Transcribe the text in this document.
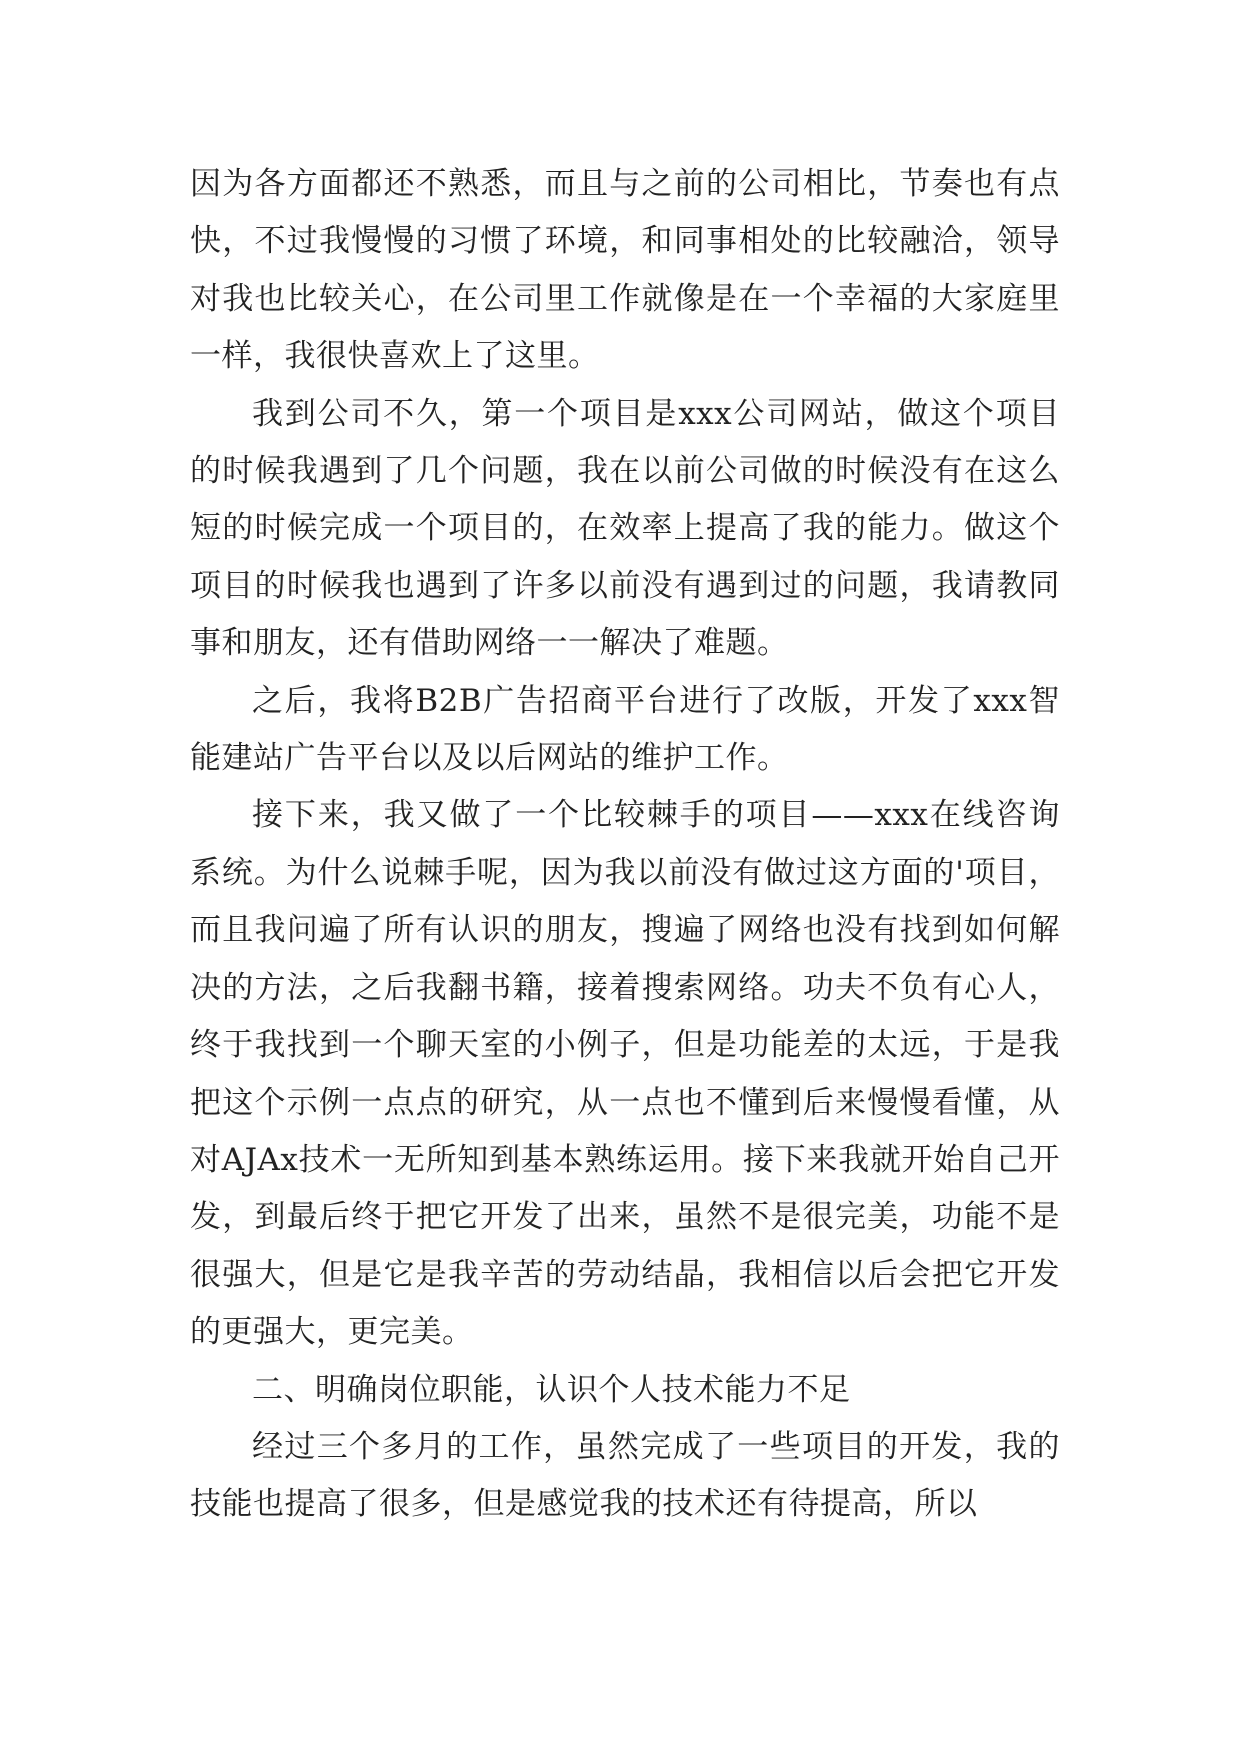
因为各方面都还不熟悉，而且与之前的公司相比，节奏也有点快，不过我慢慢的习惯了环境，和同事相处的比较融洽，领导对我也比较关心，在公司里工作就像是在一个幸福的大家庭里一样，我很快喜欢上了这里。

我到公司不久，第一个项目是xxx公司网站，做这个项目的时候我遇到了几个问题，我在以前公司做的时候没有在这么短的时候完成一个项目的，在效率上提高了我的能力。做这个项目的时候我也遇到了许多以前没有遇到过的问题，我请教同事和朋友，还有借助网络一一解决了难题。

之后，我将B2B广告招商平台进行了改版，开发了xxx智能建站广告平台以及以后网站的维护工作。

接下来，我又做了一个比较棘手的项目——xxx在线咨询系统。为什么说棘手呢，因为我以前没有做过这方面的'项目，而且我问遍了所有认识的朋友，搜遍了网络也没有找到如何解决的方法，之后我翻书籍，接着搜索网络。功夫不负有心人，终于我找到一个聊天室的小例子，但是功能差的太远，于是我把这个示例一点点的研究，从一点也不懂到后来慢慢看懂，从对AJAx技术一无所知到基本熟练运用。接下来我就开始自己开发，到最后终于把它开发了出来，虽然不是很完美，功能不是很强大，但是它是我辛苦的劳动结晶，我相信以后会把它开发的更强大，更完美。

二、明确岗位职能，认识个人技术能力不足

经过三个多月的工作，虽然完成了一些项目的开发，我的技能也提高了很多，但是感觉我的技术还有待提高，所以
